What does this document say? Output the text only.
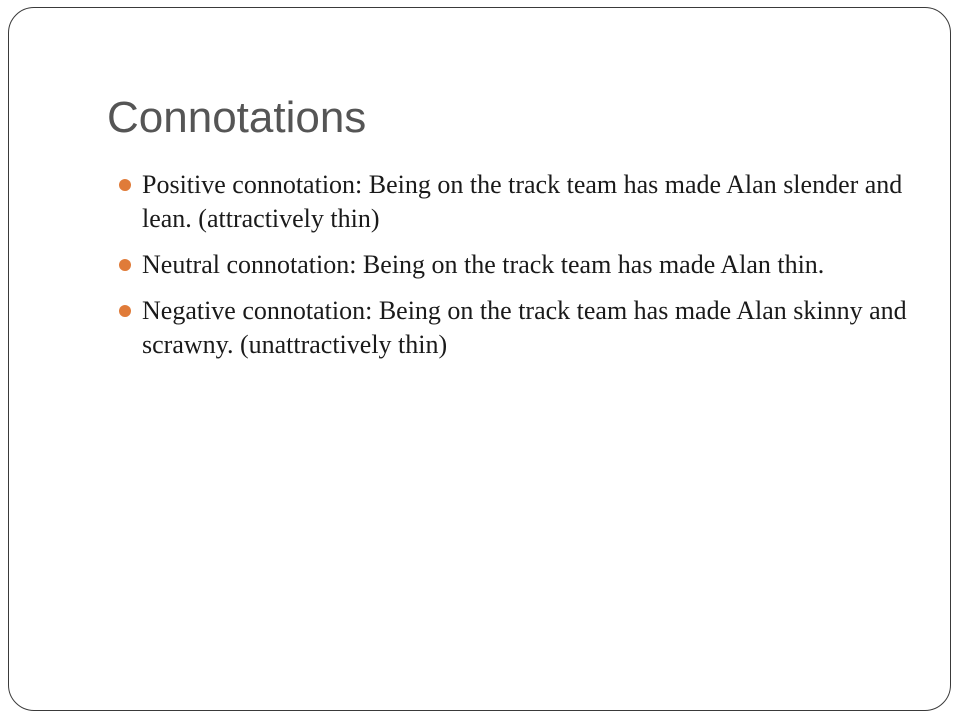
Connotations
Positive connotation: Being on the track team has made Alan slender and lean. (attractively thin)
Neutral connotation: Being on the track team has made Alan thin.
Negative connotation: Being on the track team has made Alan skinny and scrawny. (unattractively thin)
